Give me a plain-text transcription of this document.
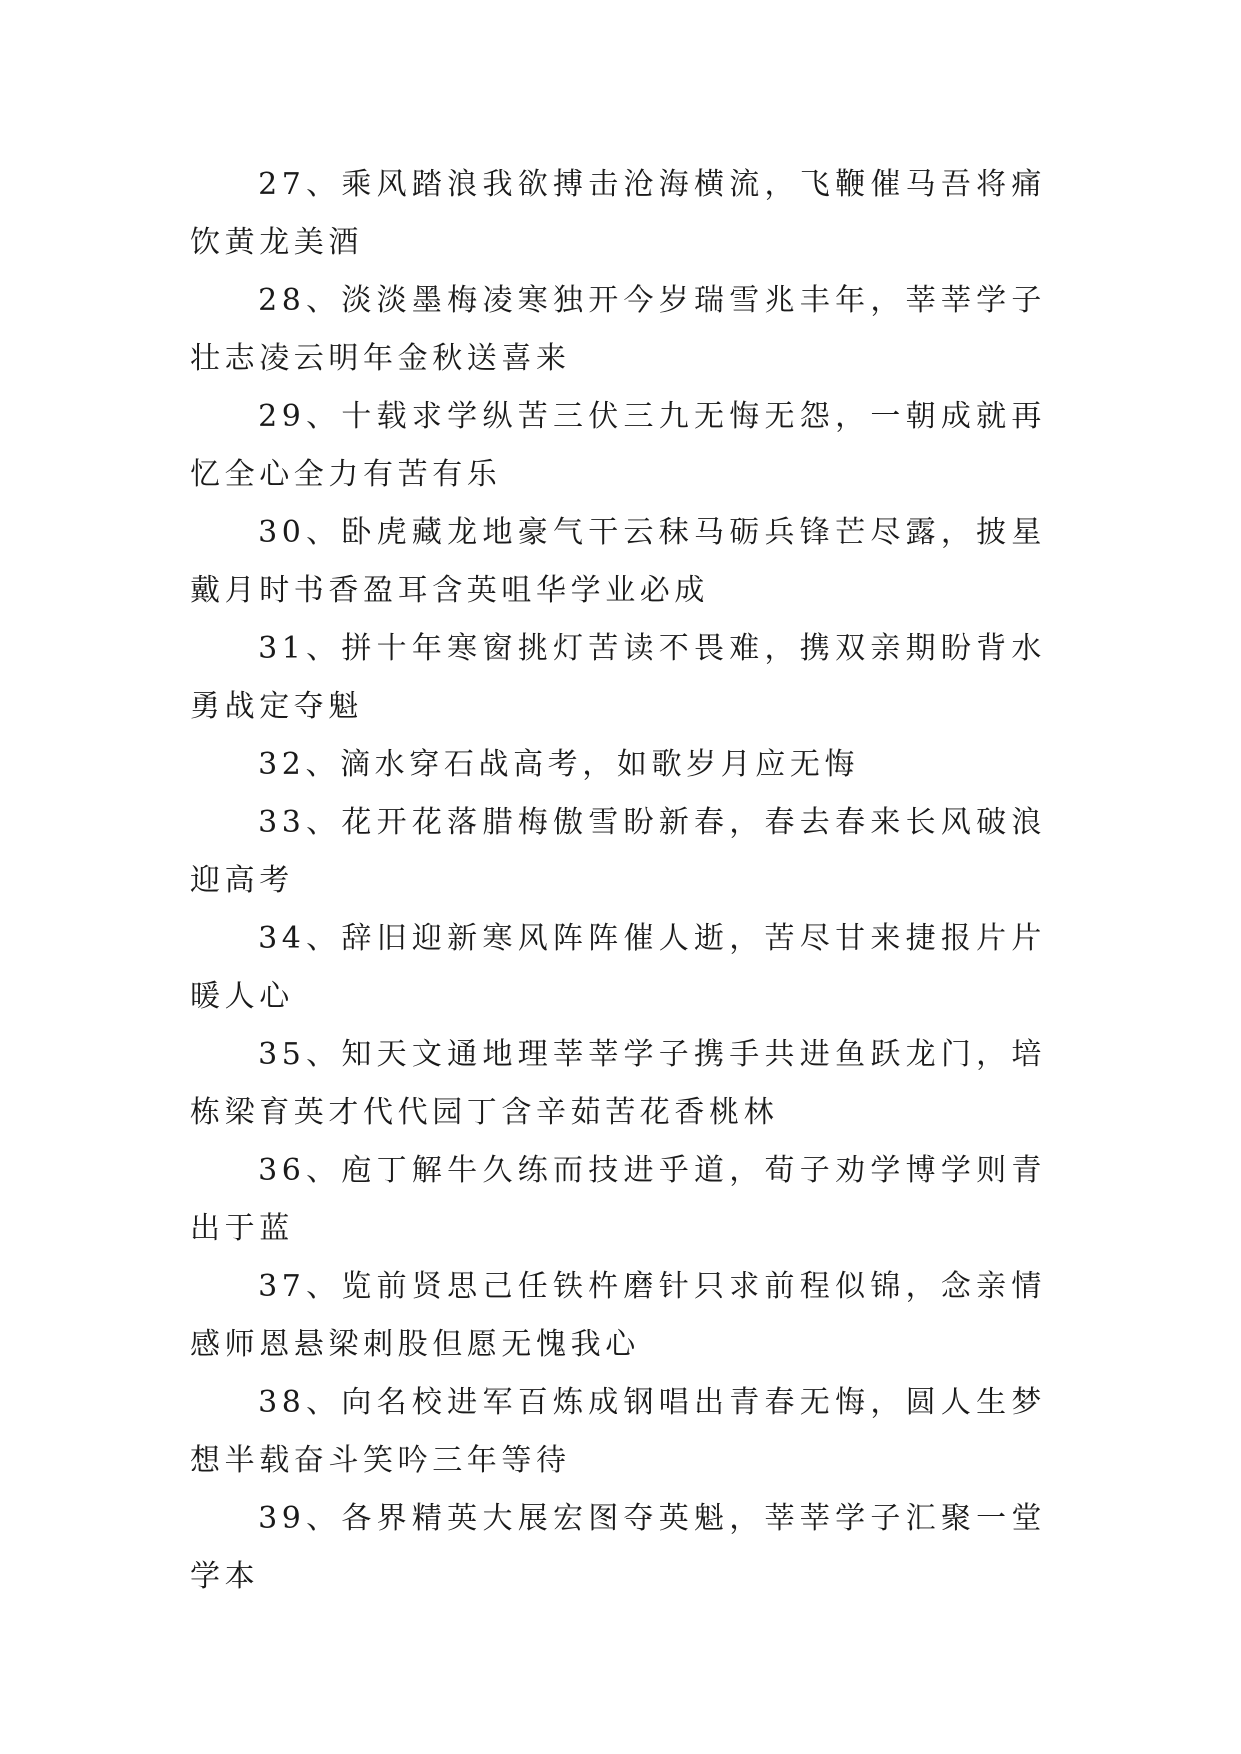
27、乘风踏浪我欲搏击沧海横流，飞鞭催马吾将痛饮黄龙美酒

28、淡淡墨梅凌寒独开今岁瑞雪兆丰年，莘莘学子壮志凌云明年金秋送喜来

29、十载求学纵苦三伏三九无悔无怨，一朝成就再忆全心全力有苦有乐

30、卧虎藏龙地豪气干云秣马砺兵锋芒尽露，披星戴月时书香盈耳含英咀华学业必成

31、拼十年寒窗挑灯苦读不畏难，携双亲期盼背水勇战定夺魁

32、滴水穿石战高考，如歌岁月应无悔

33、花开花落腊梅傲雪盼新春，春去春来长风破浪迎高考

34、辞旧迎新寒风阵阵催人逝，苦尽甘来捷报片片暖人心

35、知天文通地理莘莘学子携手共进鱼跃龙门，培栋梁育英才代代园丁含辛茹苦花香桃林

36、庖丁解牛久练而技进乎道，荀子劝学博学则青出于蓝

37、览前贤思己任铁杵磨针只求前程似锦，念亲情感师恩悬梁刺股但愿无愧我心

38、向名校进军百炼成钢唱出青春无悔，圆人生梦想半载奋斗笑吟三年等待

39、各界精英大展宏图夺英魁，莘莘学子汇聚一堂学本
